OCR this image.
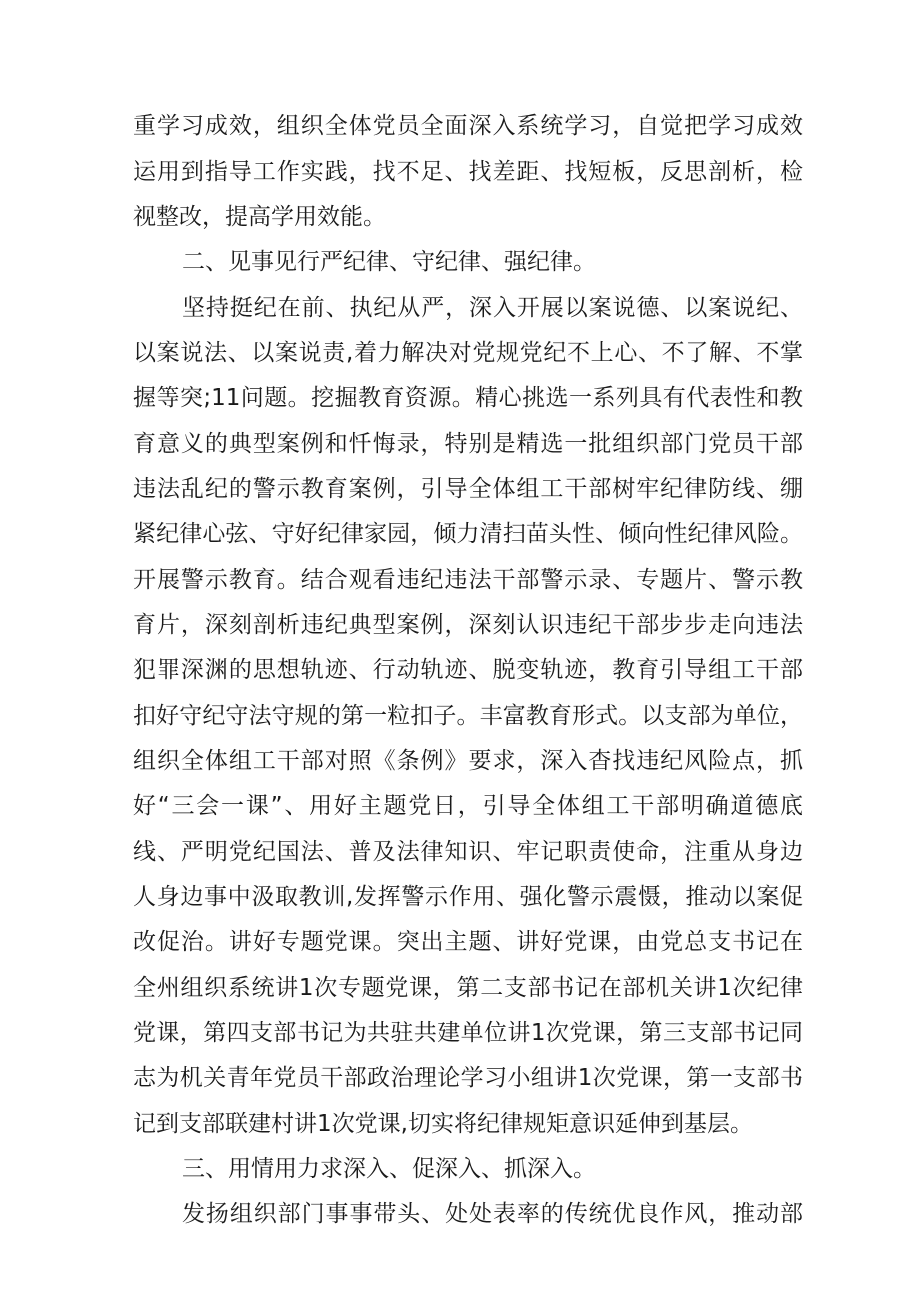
重学习成效，组织全体党员全面深入系统学习，自觉把学习成效
运用到指导工作实践，找不足、找差距、找短板，反思剖析，检
视整改，提高学用效能。
二、见事见行严纪律、守纪律、强纪律。
坚持挺纪在前、执纪从严，深入开展以案说德、以案说纪、
以案说法、以案说责,着力解决对党规党纪不上心、不了解、不掌
握等突;11问题。挖掘教育资源。精心挑选一系列具有代表性和教
育意义的典型案例和忏悔录，特别是精选一批组织部门党员干部
违法乱纪的警示教育案例，引导全体组工干部树牢纪律防线、绷
紧纪律心弦、守好纪律家园，倾力清扫苗头性、倾向性纪律风险。
开展警示教育。结合观看违纪违法干部警示录、专题片、警示教
育片，深刻剖析违纪典型案例，深刻认识违纪干部步步走向违法
犯罪深渊的思想轨迹、行动轨迹、脱变轨迹，教育引导组工干部
扣好守纪守法守规的第一粒扣子。丰富教育形式。以支部为单位，
组织全体组工干部对照《条例》要求，深入杳找违纪风险点，抓
好“三会一课”、用好主题党日，引导全体组工干部明确道德底
线、严明党纪国法、普及法律知识、牢记职责使命，注重从身边
人身边事中汲取教训,发挥警示作用、强化警示震慑，推动以案促
改促治。讲好专题党课。突出主题、讲好党课，由党总支书记在
全州组织系统讲1次专题党课，第二支部书记在部机关讲1次纪律
党课，第四支部书记为共驻共建单位讲1次党课，第三支部书记同
志为机关青年党员干部政治理论学习小组讲1次党课，第一支部书
记到支部联建村讲1次党课,切实将纪律规矩意识延伸到基层。
三、用情用力求深入、促深入、抓深入。
发扬组织部门事事带头、处处表率的传统优良作风，推动部
